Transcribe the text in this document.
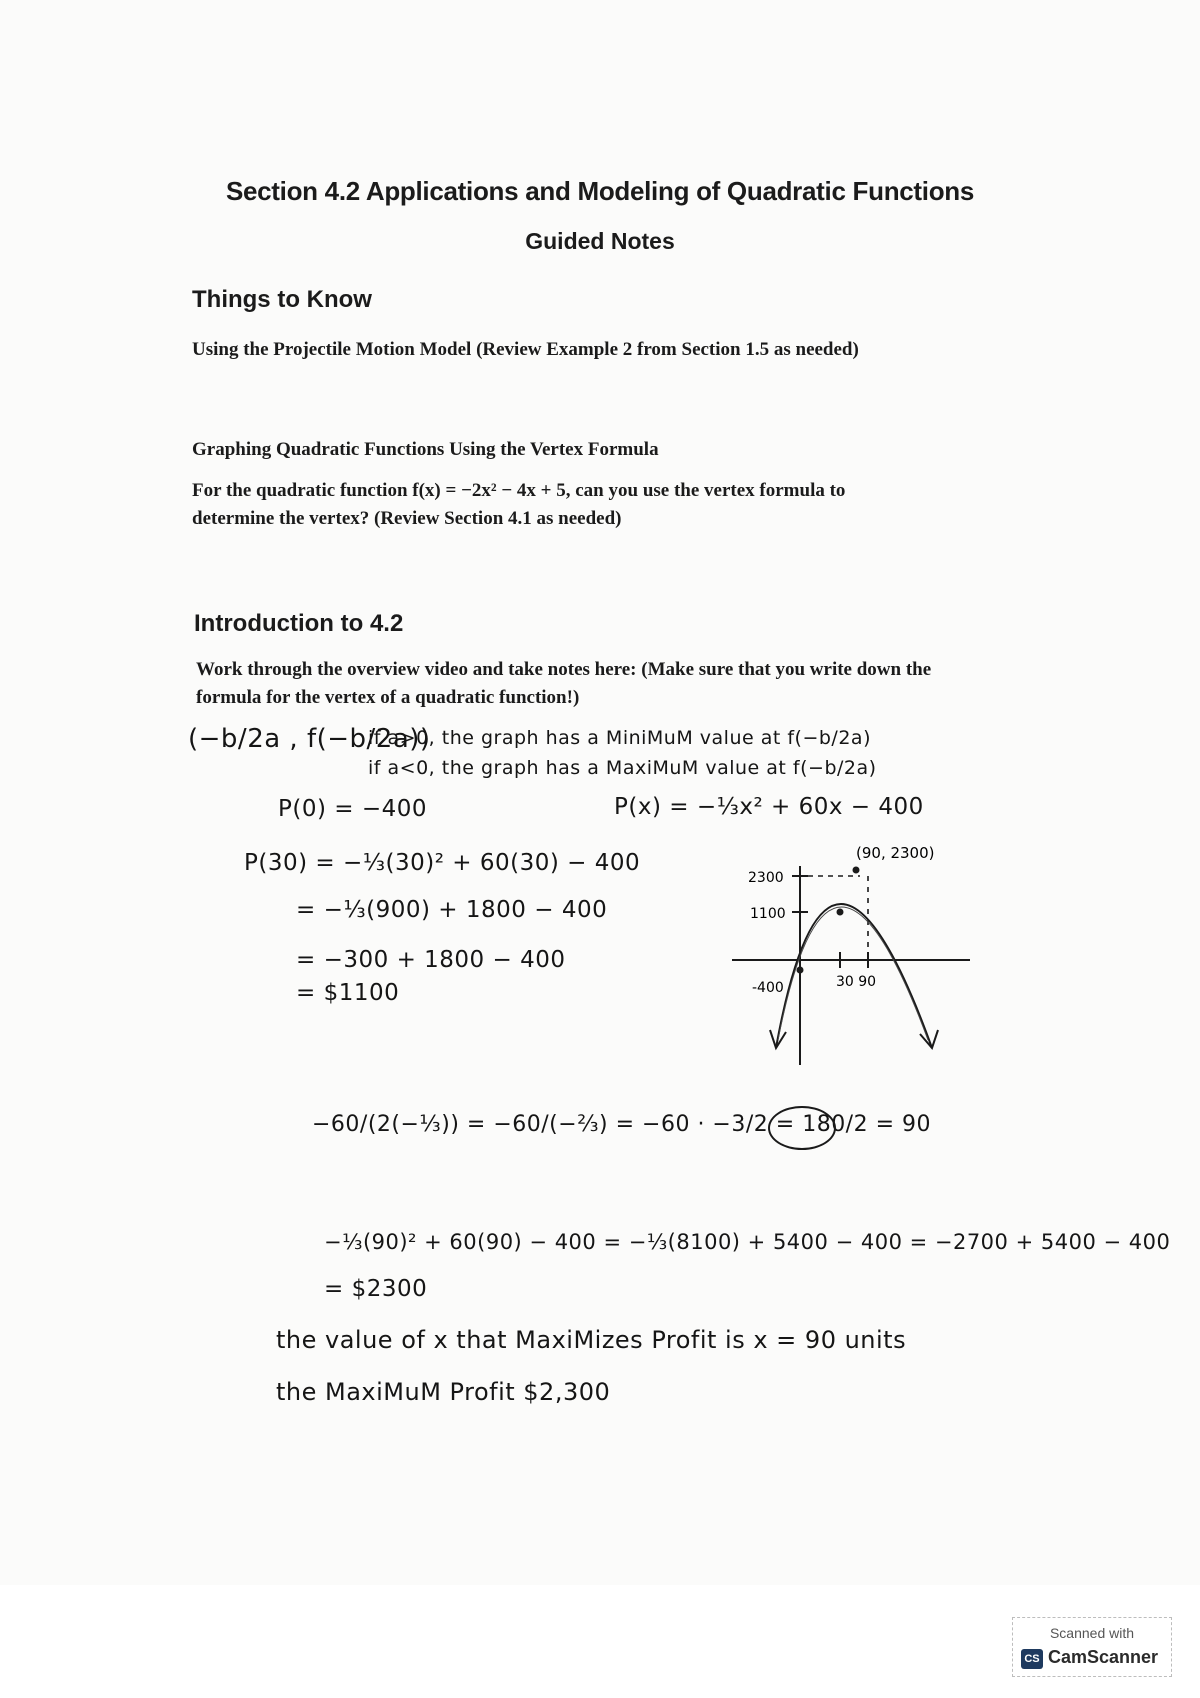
Section 4.2 Applications and Modeling of Quadratic Functions
Guided Notes
Things to Know
Using the Projectile Motion Model (Review Example 2 from Section 1.5 as needed)
Graphing Quadratic Functions Using the Vertex Formula
For the quadratic function f(x) = −2x² − 4x + 5, can you use the vertex formula to
determine the vertex? (Review Section 4.1 as needed)
Introduction to 4.2
Work through the overview video and take notes here: (Make sure that you write down the
formula for the vertex of a quadratic function!)
(−b/2a , f(−b/2a))
if a>0, the graph has a MiniMuM value at f(−b/2a)
if a<0, the graph has a MaxiMuM value at f(−b/2a)
P(0) = −400	P(x) = −⅓x² + 60x − 400
P(30) = −⅓(30)² + 60(30) − 400
= −⅓(900) + 1800 − 400
= −300 + 1800 − 400
= $1100
(90, 2300)
2300
1100
-400	30 90
−60/(2(−⅓)) = −60/(−⅔) = −60 · −3/2 = 180/2 = 90
−⅓(90)² + 60(90) − 400 = −⅓(8100) + 5400 − 400 = −2700 + 5400 − 400
= $2300
the value of x that MaxiMizes Profit is x = 90 units
the MaxiMuM Profit $2,300
Scanned with
CS CamScanner
